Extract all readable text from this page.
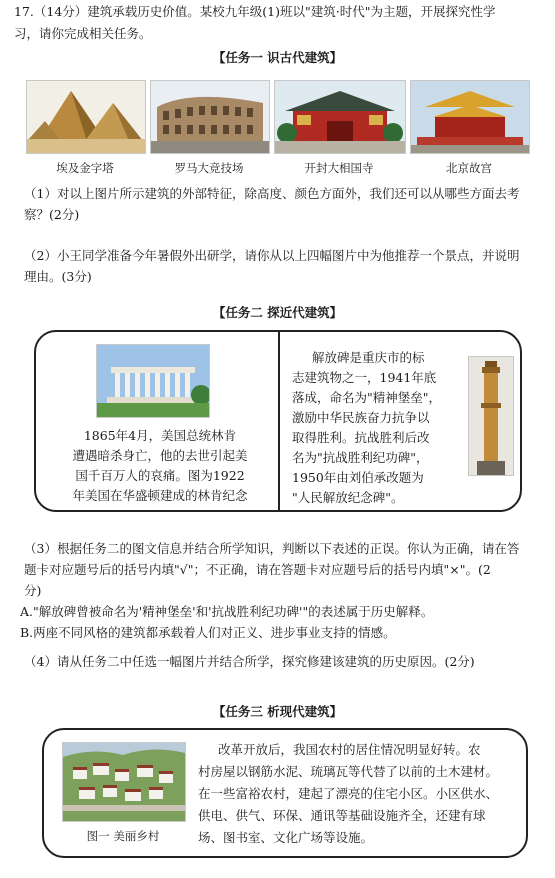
17.（14分）建筑承载历史价值。某校九年级(1)班以"建筑·时代"为主题，开展探究性学
习，请你完成相关任务。
【任务一 识古代建筑】
埃及金字塔	罗马大竞技场	开封大相国寺	北京故宫
（1）对以上图片所示建筑的外部特征，除高度、颜色方面外，我们还可以从哪些方面去考
察？(2分)
（2）小王同学准备今年暑假外出研学，请你从以上四幅图片中为他推荐一个景点，并说明
理由。(3分)
【任务二 探近代建筑】
1865年4月，美国总统林肯
遭遇暗杀身亡，他的去世引起美
国千百万人的哀痛。图为1922
年美国在华盛顿建成的林肯纪念
解放碑是重庆市的标
志建筑物之一，1941年底
落成，命名为"精神堡垒"，
激励中华民族奋力抗争以
取得胜利。抗战胜利后改
名为"抗战胜利纪功碑"，
1950年由刘伯承改题为
"人民解放纪念碑"。
（3）根据任务二的图文信息并结合所学知识，判断以下表述的正误。你认为正确，请在答
题卡对应题号后的括号内填"√"；不正确，请在答题卡对应题号后的括号内填"×"。(2
分)
A."解放碑曾被命名为'精神堡垒'和'抗战胜利纪功碑'"的表述属于历史解释。
B.两座不同风格的建筑都承载着人们对正义、进步事业支持的情感。
（4）请从任务二中任选一幅图片并结合所学，探究修建该建筑的历史原因。(2分)
【任务三 析现代建筑】
图一 美丽乡村
改革开放后，我国农村的居住情况明显好转。农
村房屋以钢筋水泥、琉璃瓦等代替了以前的土木建材。
在一些富裕农村，建起了漂亮的住宅小区。小区供水、
供电、供气、环保、通讯等基础设施齐全，还建有球
场、图书室、文化广场等设施。
